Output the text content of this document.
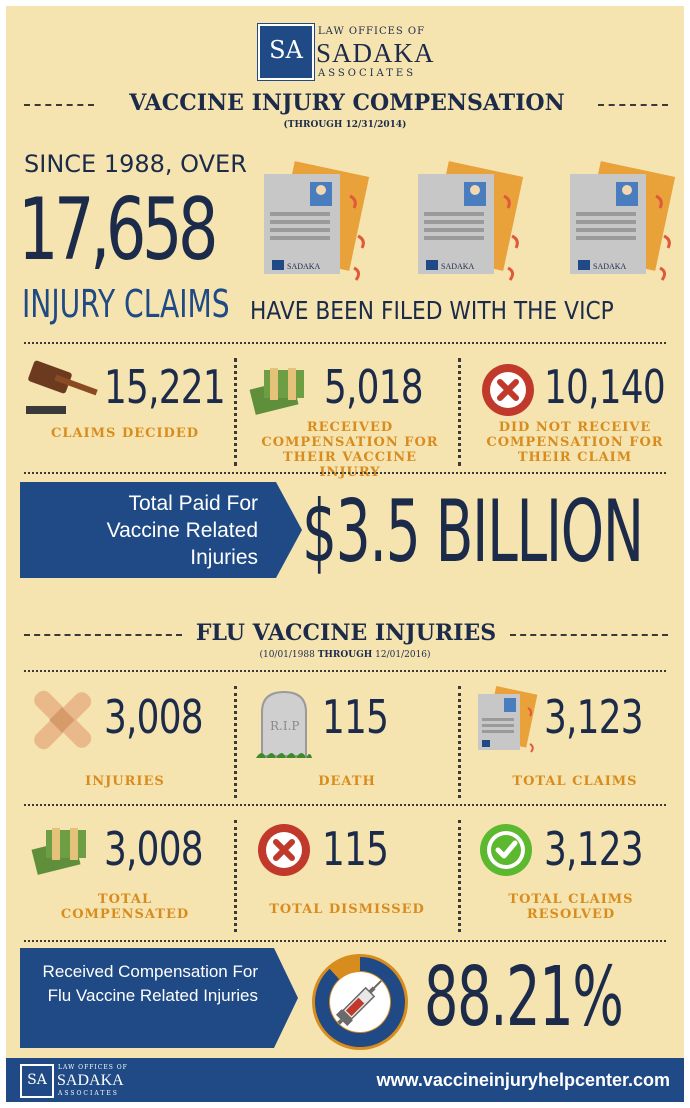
SA
LAW OFFICES OF
SADAKA
ASSOCIATES
VACCINE INJURY COMPENSATION
(THROUGH 12/31/2014)
SINCE 1988, OVER
17,658
INJURY CLAIMS HAVE BEEN FILED WITH THE VICP
SADAKA	SADAKA	SADAKA
15,221
CLAIMS DECIDED
5,018
RECEIVED COMPENSATION FOR THEIR VACCINE INJURY
10,140
DID NOT RECEIVE COMPENSATION FOR THEIR CLAIM
Total Paid For Vaccine Related Injuries $3.5 BILLION
FLU VACCINE INJURIES
(10/01/1988 THROUGH 12/01/2016)
3,008
INJURIES
R.I.P 115
DEATH
3,123
TOTAL CLAIMS
3,008
TOTAL COMPENSATED
115
TOTAL DISMISSED
3,123
TOTAL CLAIMS RESOLVED
Received Compensation For Flu Vaccine Related Injuries 88.21%
SA
LAW OFFICES OF
SADAKA
ASSOCIATES
www.vaccineinjuryhelpcenter.com
